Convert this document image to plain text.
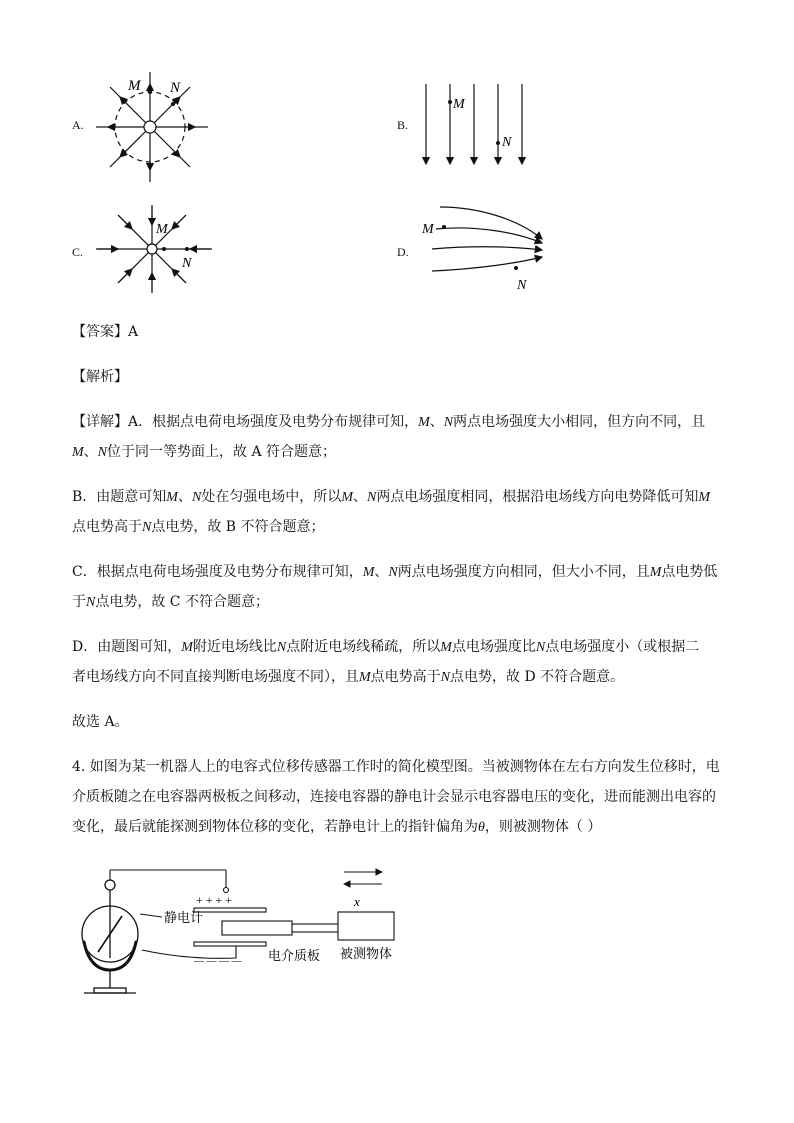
A.
M N
B.
M
N
C.
M
N
D.
M
N
【答案】A
【解析】
【详解】A．根据点电荷电场强度及电势分布规律可知，M、N两点电场强度大小相同，但方向不同，且
M、N位于同一等势面上，故 A 符合题意；
B．由题意可知M、N处在匀强电场中，所以M、N两点电场强度相同，根据沿电场线方向电势降低可知M
点电势高于N点电势，故 B 不符合题意；
C．根据点电荷电场强度及电势分布规律可知，M、N两点电场强度方向相同，但大小不同，且M点电势低
于N点电势，故 C 不符合题意；
D．由题图可知，M附近电场线比N点附近电场线稀疏，所以M点电场强度比N点电场强度小（或根据二
者电场线方向不同直接判断电场强度不同），且M点电势高于N点电势，故 D 不符合题意。
故选 A。
4. 如图为某一机器人上的电容式位移传感器工作时的简化模型图。当被测物体在左右方向发生位移时，电
介质板随之在电容器两极板之间移动，连接电容器的静电计会显示电容器电压的变化，进而能测出电容的
变化，最后就能探测到物体位移的变化，若静电计上的指针偏角为θ，则被测物体（ ）
+ + + +
— — — —
x
静电计
电介质板 被测物体
